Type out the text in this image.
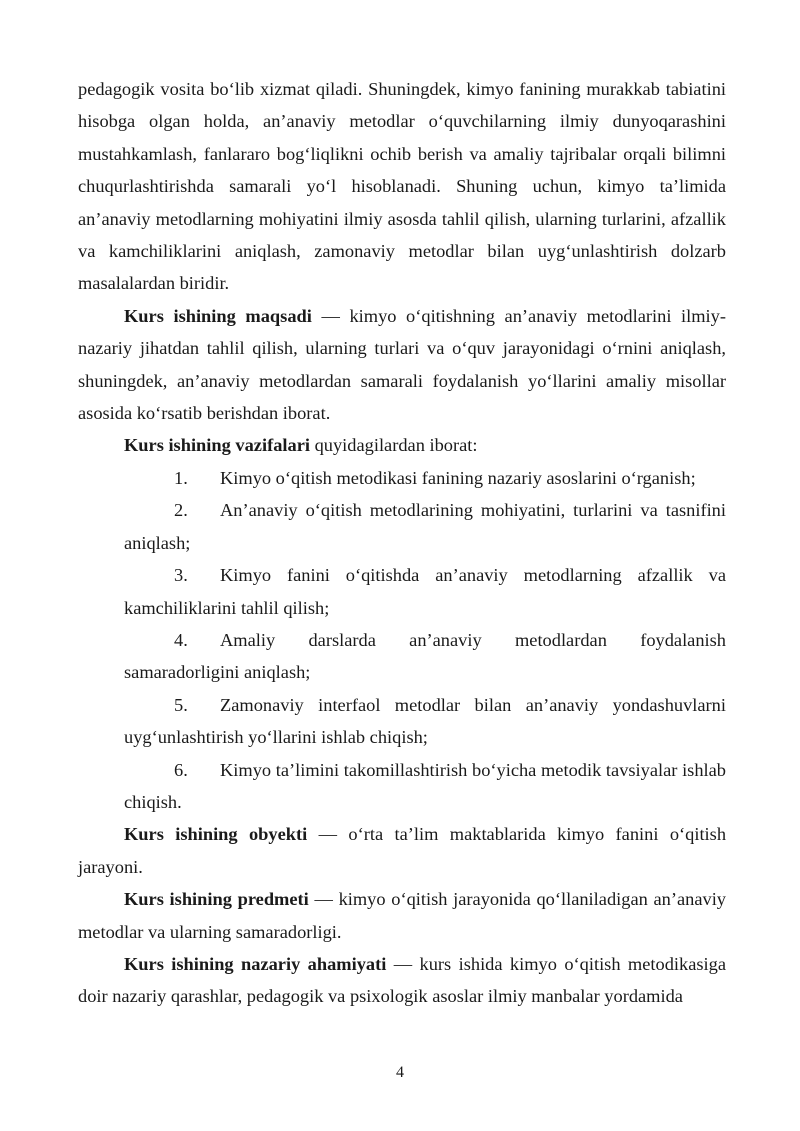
pedagogik vosita bo‘lib xizmat qiladi. Shuningdek, kimyo fanining murakkab tabiatini hisobga olgan holda, an’anaviy metodlar o‘quvchilarning ilmiy dunyoqarashini mustahkamlash, fanlararo bog‘liqlikni ochib berish va amaliy tajribalar orqali bilimni chuqurlashtirishda samarali yo‘l hisoblanadi. Shuning uchun, kimyo ta’limida an’anaviy metodlarning mohiyatini ilmiy asosda tahlil qilish, ularning turlarini, afzallik va kamchiliklarini aniqlash, zamonaviy metodlar bilan uyg‘unlashtirish dolzarb masalalardan biridir.

Kurs ishining maqsadi — kimyo o‘qitishning an’anaviy metodlarini ilmiy-nazariy jihatdan tahlil qilish, ularning turlari va o‘quv jarayonidagi o‘rnini aniqlash, shuningdek, an’anaviy metodlardan samarali foydalanish yo‘llarini amaliy misollar asosida ko‘rsatib berishdan iborat.

Kurs ishining vazifalari quyidagilardan iborat:

1. Kimyo o‘qitish metodikasi fanining nazariy asoslarini o‘rganish;

2. An’anaviy o‘qitish metodlarining mohiyatini, turlarini va tasnifini aniqlash;

3. Kimyo fanini o‘qitishda an’anaviy metodlarning afzallik va kamchiliklarini tahlil qilish;

4. Amaliy darslarda an’anaviy metodlardan foydalanish samaradorligini aniqlash;

5. Zamonaviy interfaol metodlar bilan an’anaviy yondashuvlarni uyg‘unlashtirish yo‘llarini ishlab chiqish;

6. Kimyo ta’limini takomillashtirish bo‘yicha metodik tavsiyalar ishlab chiqish.

Kurs ishining obyekti — o‘rta ta’lim maktablarida kimyo fanini o‘qitish jarayoni.

Kurs ishining predmeti — kimyo o‘qitish jarayonida qo‘llaniladigan an’anaviy metodlar va ularning samaradorligi.

Kurs ishining nazariy ahamiyati — kurs ishida kimyo o‘qitish metodikasiga doir nazariy qarashlar, pedagogik va psixologik asoslar ilmiy manbalar yordamida

4
